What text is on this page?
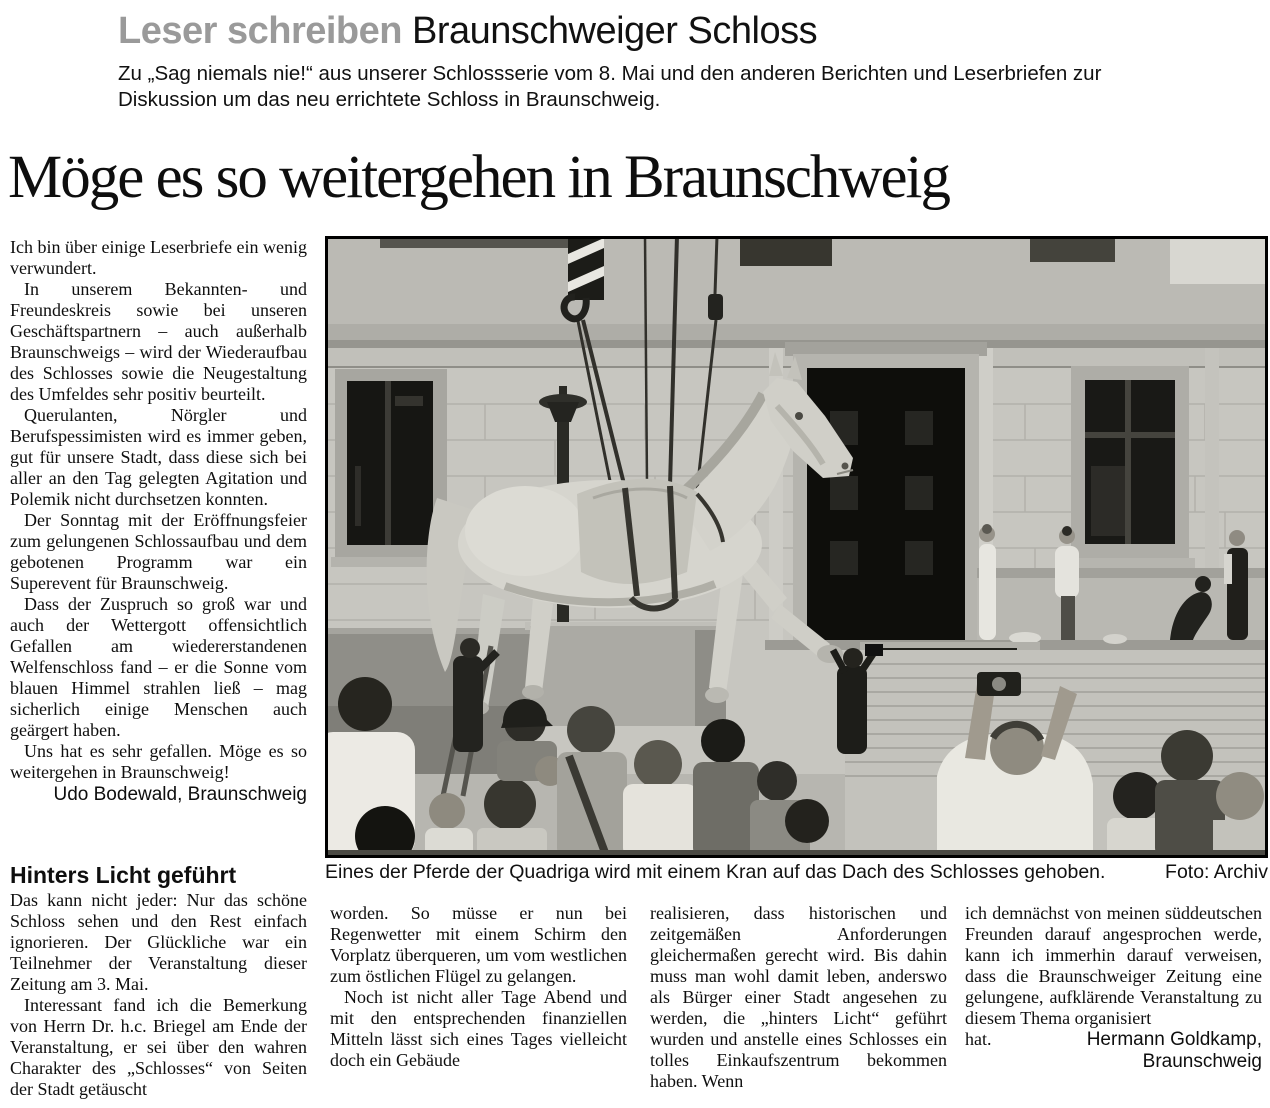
Leser schreiben Braunschweiger Schloss
Zu „Sag niemals nie!“ aus unserer Schlossserie vom 8. Mai und den anderen Berichten und Leserbriefen zur Diskussion um das neu errichtete Schloss in Braunschweig.
Möge es so weitergehen in Braunschweig

Ich bin über einige Leserbriefe ein wenig verwundert.

In unserem Bekannten- und Freundeskreis sowie bei unseren Geschäftspartnern – auch außerhalb Braunschweigs – wird der Wiederaufbau des Schlosses sowie die Neugestaltung des Umfeldes sehr positiv beurteilt.

Querulanten, Nörgler und Berufspessimisten wird es immer geben, gut für unsere Stadt, dass diese sich bei aller an den Tag gelegten Agitation und Polemik nicht durchsetzen konnten.

Der Sonntag mit der Eröffnungsfeier zum gelungenen Schlossaufbau und dem gebotenen Programm war ein Superevent für Braunschweig.

Dass der Zuspruch so groß war und auch der Wettergott offensichtlich Gefallen am wiedererstandenen Welfenschloss fand – er die Sonne vom blauen Himmel strahlen ließ – mag sicherlich einige Menschen auch geärgert haben.

Uns hat es sehr gefallen. Möge es so weitergehen in Braunschweig!

Udo Bodewald, Braunschweig
Eines der Pferde der Quadriga wird mit einem Kran auf das Dach des Schlosses gehoben.	Foto: Archiv
Hinters Licht geführt

Das kann nicht jeder: Nur das schöne Schloss sehen und den Rest einfach ignorieren. Der Glückliche war ein Teilnehmer der Veranstaltung dieser Zeitung am 3. Mai.

Interessant fand ich die Bemerkung von Herrn Dr. h.c. Briegel am Ende der Veranstaltung, er sei über den wahren Charakter des „Schlosses“ von Seiten der Stadt getäuscht

worden. So müsse er nun bei Regenwetter mit einem Schirm den Vorplatz überqueren, um vom westlichen zum östlichen Flügel zu gelangen.

Noch ist nicht aller Tage Abend und mit den entsprechenden finanziellen Mitteln lässt sich eines Tages vielleicht doch ein Gebäude

realisieren, dass historischen und zeitgemäßen Anforderungen gleichermaßen gerecht wird. Bis dahin muss man wohl damit leben, anderswo als Bürger einer Stadt angesehen zu werden, die „hinters Licht“ geführt wurden und anstelle eines Schlosses ein tolles Einkaufszentrum bekommen haben. Wenn

ich demnächst von meinen süddeutschen Freunden darauf angesprochen werde, kann ich immerhin darauf verweisen, dass die Braunschweiger Zeitung eine gelungene, aufklärende Veranstaltung zu diesem Thema organisiert

hat.	Hermann Goldkamp,
Braunschweig
